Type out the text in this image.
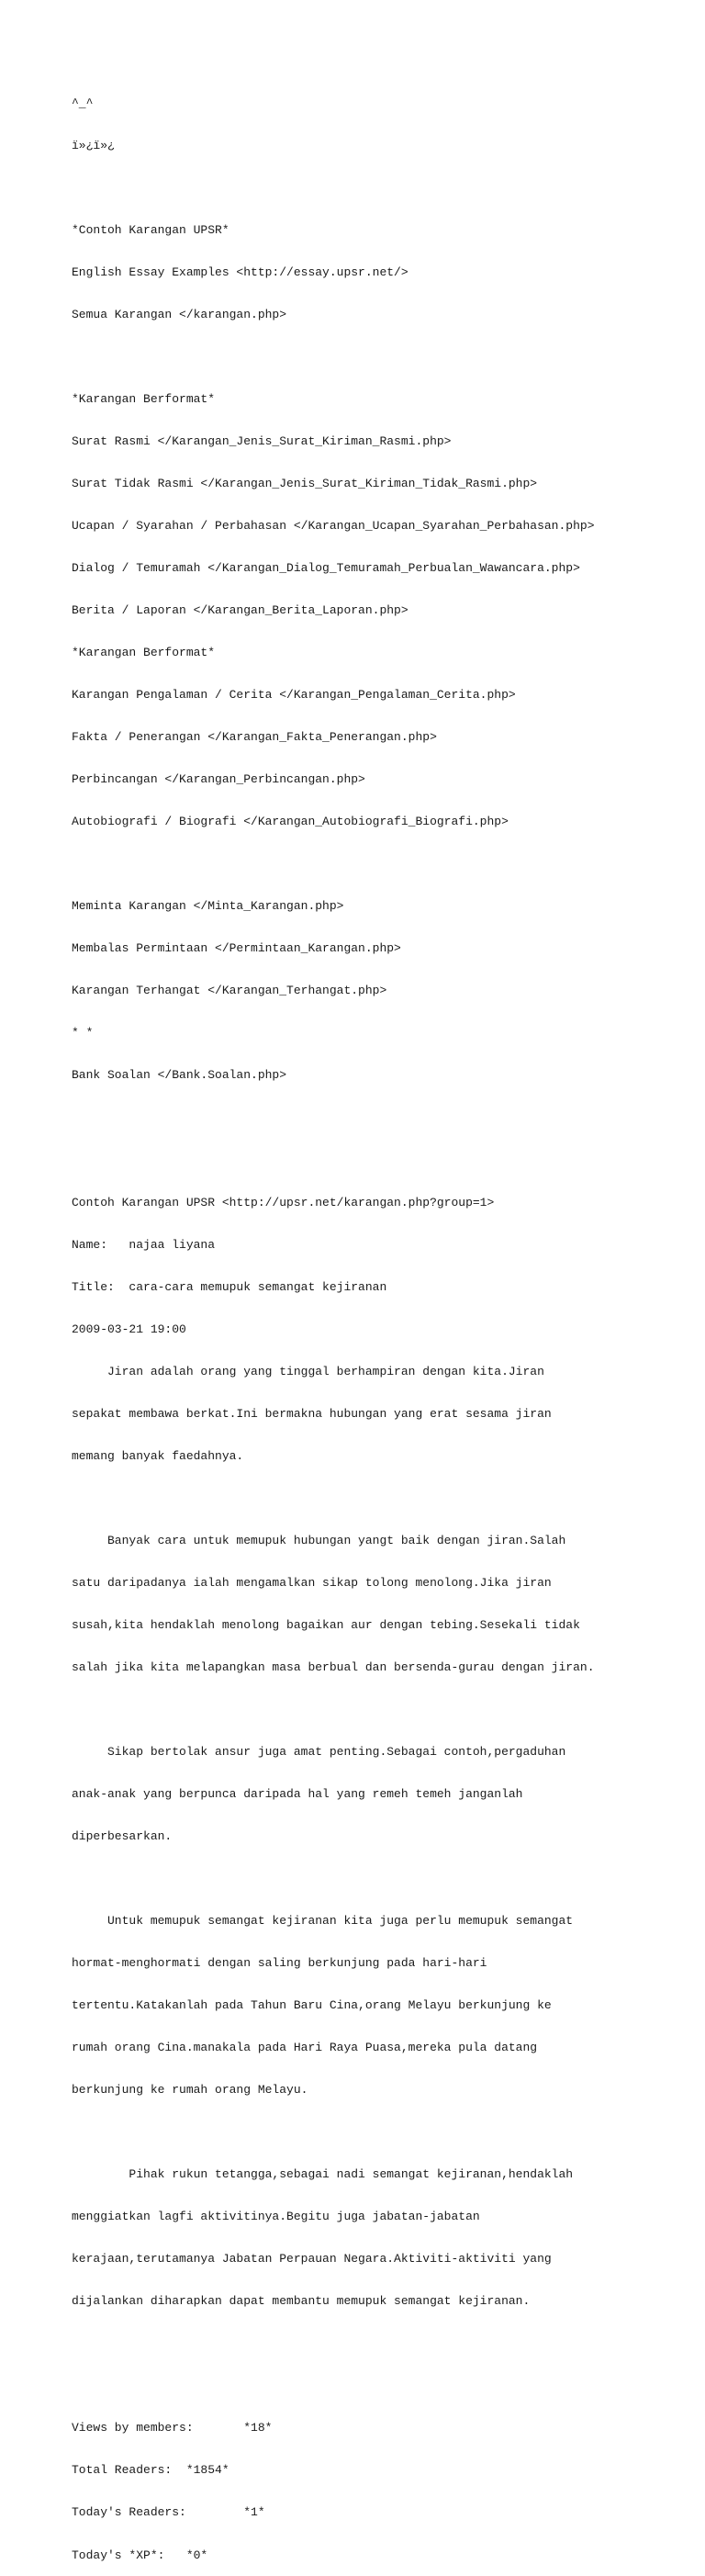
^_^

ï»¿ï»¿

*Contoh Karangan UPSR*

English Essay Examples <http://essay.upsr.net/>

Semua Karangan </karangan.php>

*Karangan Berformat*

Surat Rasmi </Karangan_Jenis_Surat_Kiriman_Rasmi.php>

Surat Tidak Rasmi </Karangan_Jenis_Surat_Kiriman_Tidak_Rasmi.php>

Ucapan / Syarahan / Perbahasan </Karangan_Ucapan_Syarahan_Perbahasan.php>

Dialog / Temuramah </Karangan_Dialog_Temuramah_Perbualan_Wawancara.php>

Berita / Laporan </Karangan_Berita_Laporan.php>

*Karangan Berformat*

Karangan Pengalaman / Cerita </Karangan_Pengalaman_Cerita.php>

Fakta / Penerangan </Karangan_Fakta_Penerangan.php>

Perbincangan </Karangan_Perbincangan.php>

Autobiografi / Biografi </Karangan_Autobiografi_Biografi.php>

Meminta Karangan </Minta_Karangan.php>

Membalas Permintaan </Permintaan_Karangan.php>

Karangan Terhangat </Karangan_Terhangat.php>

* *

Bank Soalan </Bank.Soalan.php>

Contoh Karangan UPSR <http://upsr.net/karangan.php?group=1>

Name:   najaa liyana

Title:  cara-cara memupuk semangat kejiranan

2009-03-21 19:00

Jiran adalah orang yang tinggal berhampiran dengan kita.Jiran

sepakat membawa berkat.Ini bermakna hubungan yang erat sesama jiran

memang banyak faedahnya.

Banyak cara untuk memupuk hubungan yangt baik dengan jiran.Salah

satu daripadanya ialah mengamalkan sikap tolong menolong.Jika jiran

susah,kita hendaklah menolong bagaikan aur dengan tebing.Sesekali tidak

salah jika kita melapangkan masa berbual dan bersenda-gurau dengan jiran.

Sikap bertolak ansur juga amat penting.Sebagai contoh,pergaduhan

anak-anak yang berpunca daripada hal yang remeh temeh janganlah

diperbesarkan.

Untuk memupuk semangat kejiranan kita juga perlu memupuk semangat

hormat-menghormati dengan saling berkunjung pada hari-hari

tertentu.Katakanlah pada Tahun Baru Cina,orang Melayu berkunjung ke

rumah orang Cina.manakala pada Hari Raya Puasa,mereka pula datang

berkunjung ke rumah orang Melayu.

Pihak rukun tetangga,sebagai nadi semangat kejiranan,hendaklah

menggiatkan lagfi aktivitinya.Begitu juga jabatan-jabatan

kerajaan,terutamanya Jabatan Perpauan Negara.Aktiviti-aktiviti yang

dijalankan diharapkan dapat membantu memupuk semangat kejiranan.

Views by members:       *18*

Total Readers:  *1854*

Today's Readers:        *1*

Today's *XP*:   *0*
